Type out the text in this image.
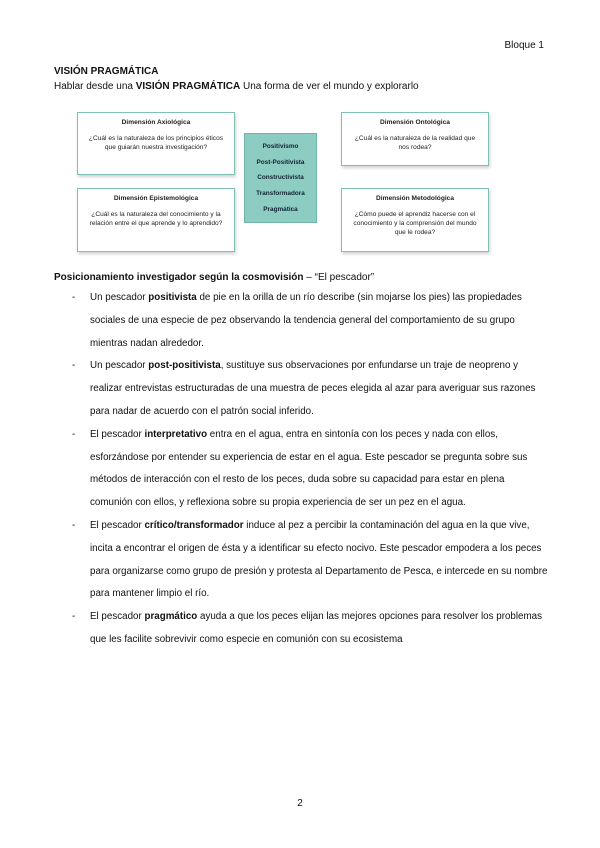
Bloque 1
VISIÓN PRAGMÁTICA
Hablar desde una VISIÓN PRAGMÁTICA Una forma de ver el mundo y explorarlo
Dimensión Axiológica
¿Cuál es la naturaleza de los principios éticos que guiarán nuestra investigación?
Dimensión Ontológica
¿Cuál es la naturaleza de la realidad que nos rodea?
Dimensión Epistemológica
¿Cuál es la naturaleza del conocimiento y la relación entre el que aprende y lo aprendido?
Dimensión Metodológica
¿Cómo puede el aprendiz hacerse con el conocimiento y la comprensión del mundo que le rodea?
Positivismo
Post-Positivista
Constructivista
Transformadora
Pragmática
Posicionamiento investigador según la cosmovisión – “El pescador”
- Un pescador positivista de pie en la orilla de un río describe (sin mojarse los pies) las propiedades sociales de una especie de pez observando la tendencia general del comportamiento de su grupo mientras nadan alrededor.
- Un pescador post-positivista, sustituye sus observaciones por enfundarse un traje de neopreno y realizar entrevistas estructuradas de una muestra de peces elegida al azar para averiguar sus razones para nadar de acuerdo con el patrón social inferido.
- El pescador interpretativo entra en el agua, entra en sintonía con los peces y nada con ellos, esforzándose por entender su experiencia de estar en el agua. Este pescador se pregunta sobre sus métodos de interacción con el resto de los peces, duda sobre su capacidad para estar en plena comunión con ellos, y reflexiona sobre su propia experiencia de ser un pez en el agua.
- El pescador crítico/transformador induce al pez a percibir la contaminación del agua en la que vive, incita a encontrar el origen de ésta y a identificar su efecto nocivo. Este pescador empodera a los peces para organizarse como grupo de presión y protesta al Departamento de Pesca, e intercede en su nombre para mantener limpio el río.
- El pescador pragmático ayuda a que los peces elijan las mejores opciones para resolver los problemas que les facilite sobrevivir como especie en comunión con su ecosistema
2
